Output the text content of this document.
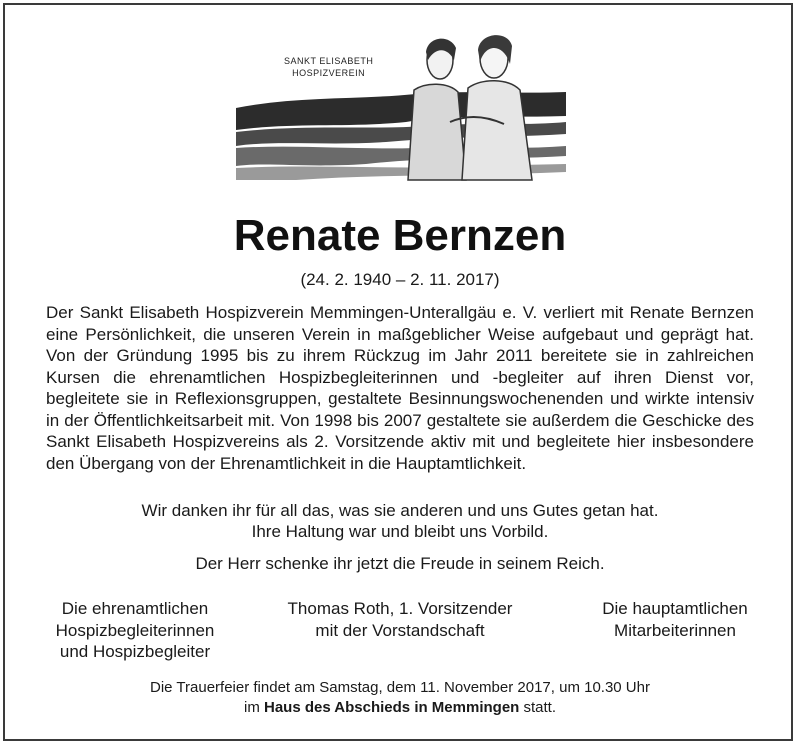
SANKT ELISABETH
HOSPIZVEREIN
Renate Bernzen
(24. 2. 1940 – 2. 11. 2017)
Der Sankt Elisabeth Hospizverein Memmingen-Unterallgäu e. V. verliert mit Renate Bernzen eine Persönlichkeit, die unseren Verein in maßgeblicher Weise aufgebaut und geprägt hat. Von der Gründung 1995 bis zu ihrem Rückzug im Jahr 2011 bereitete sie in zahlreichen Kursen die ehrenamtlichen Hospizbegleiterinnen und -begleiter auf ihren Dienst vor, begleitete sie in Reflexionsgruppen, gestaltete Besinnungswochenenden und wirkte intensiv in der Öffentlichkeitsarbeit mit. Von 1998 bis 2007 gestaltete sie außerdem die Geschicke des Sankt Elisabeth Hospizvereins als 2. Vorsitzende aktiv mit und begleitete hier insbesondere den Übergang von der Ehrenamtlichkeit in die Hauptamtlichkeit.
Wir danken ihr für all das, was sie anderen und uns Gutes getan hat.
Ihre Haltung war und bleibt uns Vorbild.
Der Herr schenke ihr jetzt die Freude in seinem Reich.
Die ehrenamtlichen
Hospizbegleiterinnen
und Hospizbegleiter
Thomas Roth, 1. Vorsitzender
mit der Vorstandschaft
Die hauptamtlichen
Mitarbeiterinnen
Die Trauerfeier findet am Samstag, dem 11. November 2017, um 10.30 Uhr
im Haus des Abschieds in Memmingen statt.
